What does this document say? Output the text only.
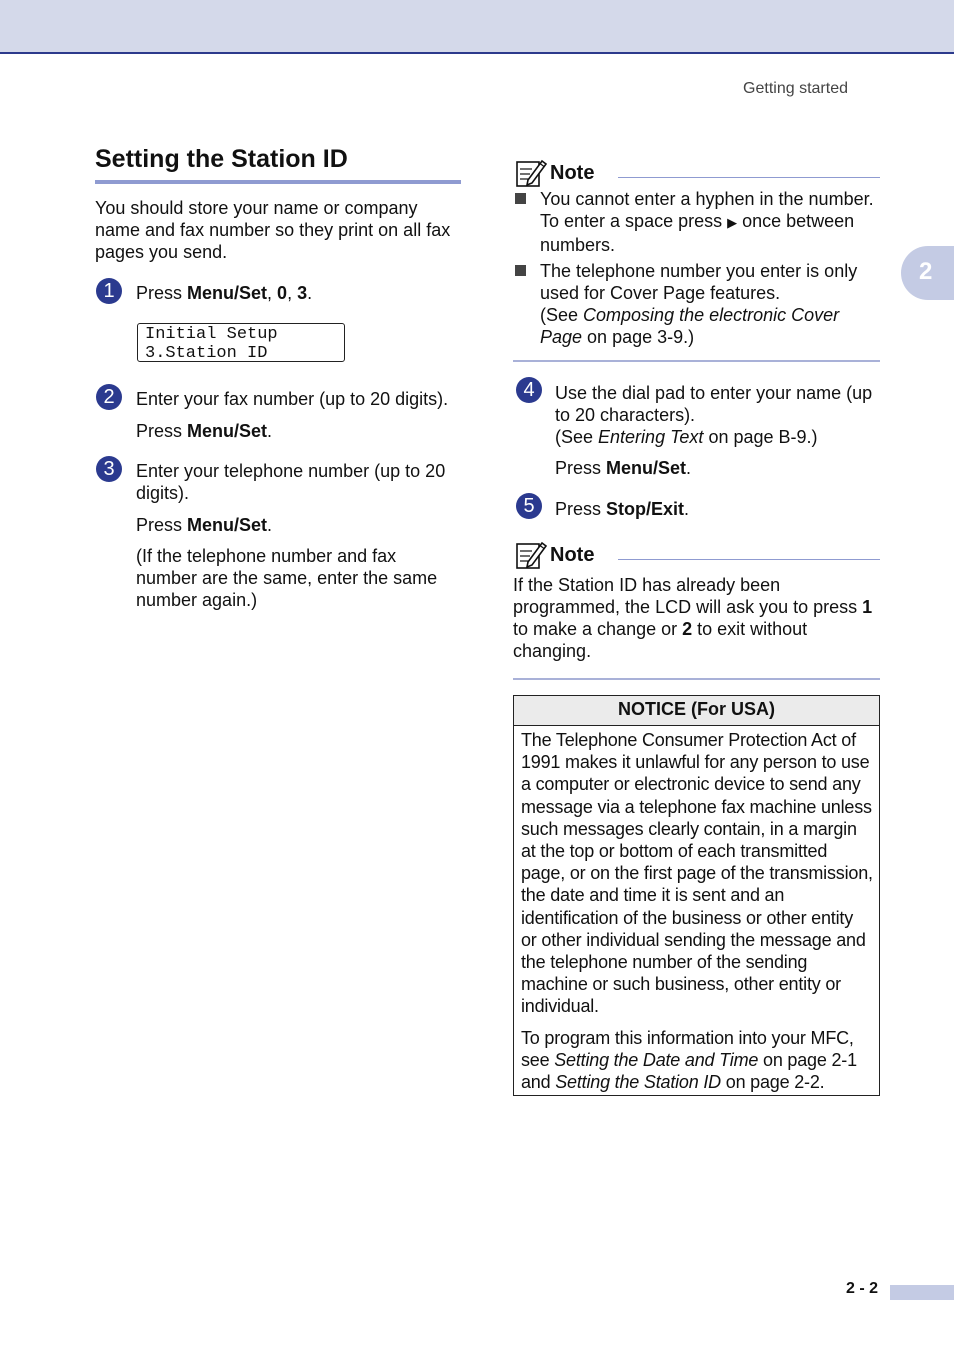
Getting started
2
Setting the Station ID
You should store your name or company name and fax number so they print on all fax pages you send.
1	Press Menu/Set, 0, 3.
Initial Setup
3.Station ID
2	Enter your fax number (up to 20 digits).
Press Menu/Set.
3	Enter your telephone number (up to 20 digits).
Press Menu/Set.
(If the telephone number and fax number are the same, enter the same number again.)
Note
You cannot enter a hyphen in the number. To enter a space press ▶ once between numbers.
The telephone number you enter is only used for Cover Page features.
(See Composing the electronic Cover Page on page 3-9.)
4	Use the dial pad to enter your name (up to 20 characters).
(See Entering Text on page B-9.)
Press Menu/Set.
5	Press Stop/Exit.
Note
If the Station ID has already been programmed, the LCD will ask you to press 1 to make a change or 2 to exit without changing.
NOTICE (For USA)

The Telephone Consumer Protection Act of 1991 makes it unlawful for any person to use a computer or electronic device to send any message via a telephone fax machine unless such messages clearly contain, in a margin at the top or bottom of each transmitted page, or on the first page of the transmission, the date and time it is sent and an identification of the business or other entity or other individual sending the message and the telephone number of the sending machine or such business, other entity or individual.

To program this information into your MFC, see Setting the Date and Time on page 2-1 and Setting the Station ID on page 2-2.

2 - 2
